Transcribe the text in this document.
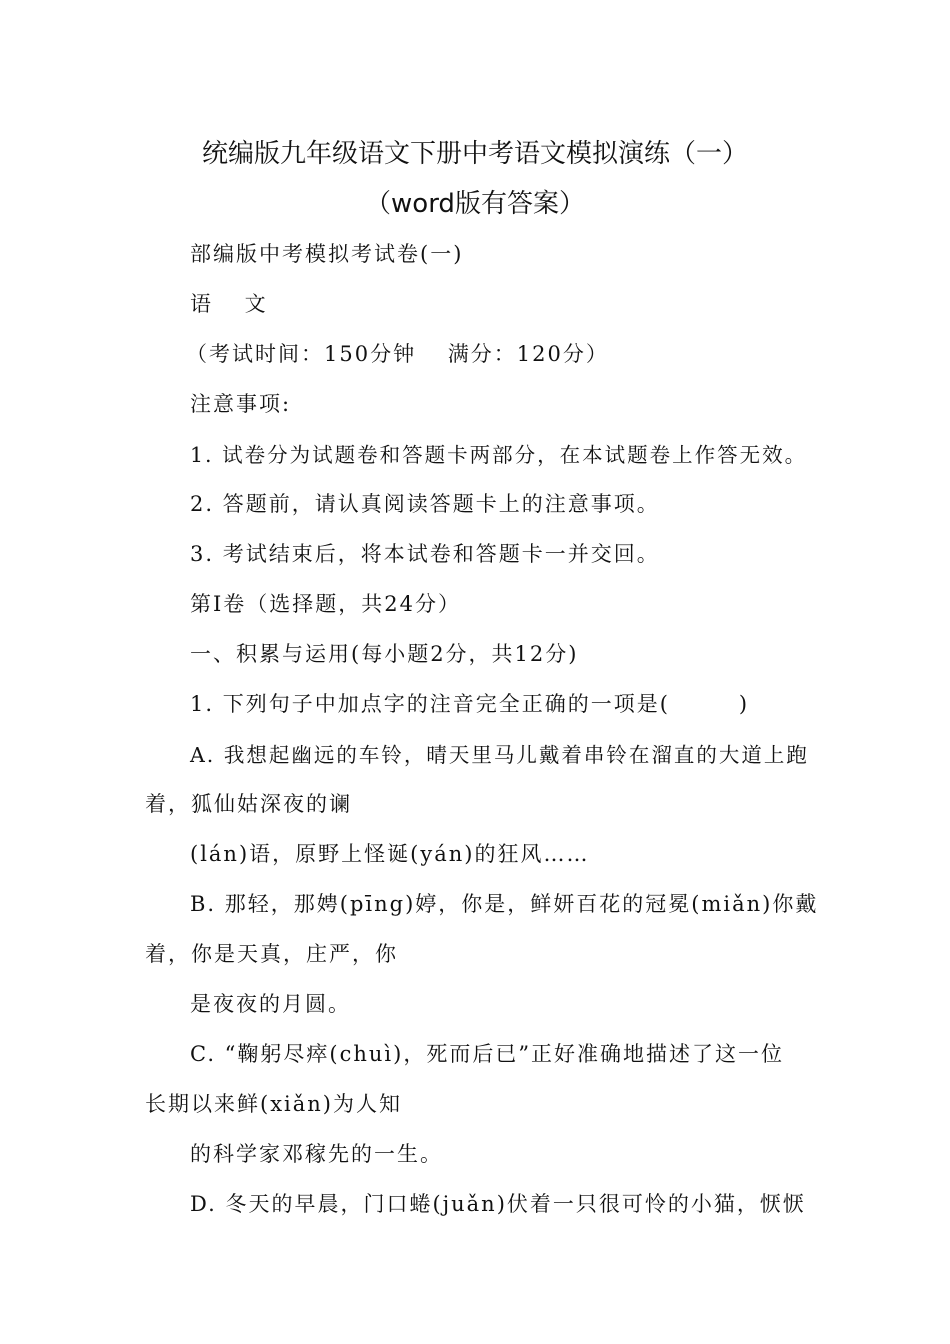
统编版九年级语文下册中考语文模拟演练（一）
（word版有答案）
部编版中考模拟考试卷(一)
语　 文
（考试时间：150分钟　 满分：120分）
注意事项:
1. 试卷分为试题卷和答题卡两部分，在本试题卷上作答无效。
2. 答题前，请认真阅读答题卡上的注意事项。
3. 考试结束后，将本试卷和答题卡一并交回。
第Ⅰ卷（选择题，共24分）
一、积累与运用(每小题2分，共12分)
1. 下列句子中加点字的注音完全正确的一项是(　　　)
A. 我想起幽远的车铃，晴天里马儿戴着串铃在溜直的大道上跑
着，狐仙姑深夜的谰
(lán)语，原野上怪诞(yán)的狂风……
B. 那轻，那娉(pīng)婷，你是，鲜妍百花的冠冕(miǎn)你戴
着，你是天真，庄严，你
是夜夜的月圆。
C. “鞠躬尽瘁(chuì)，死而后已”正好准确地描述了这一位
长期以来鲜(xiǎn)为人知
的科学家邓稼先的一生。
D. 冬天的早晨，门口蜷(juǎn)伏着一只很可怜的小猫，恹恹
